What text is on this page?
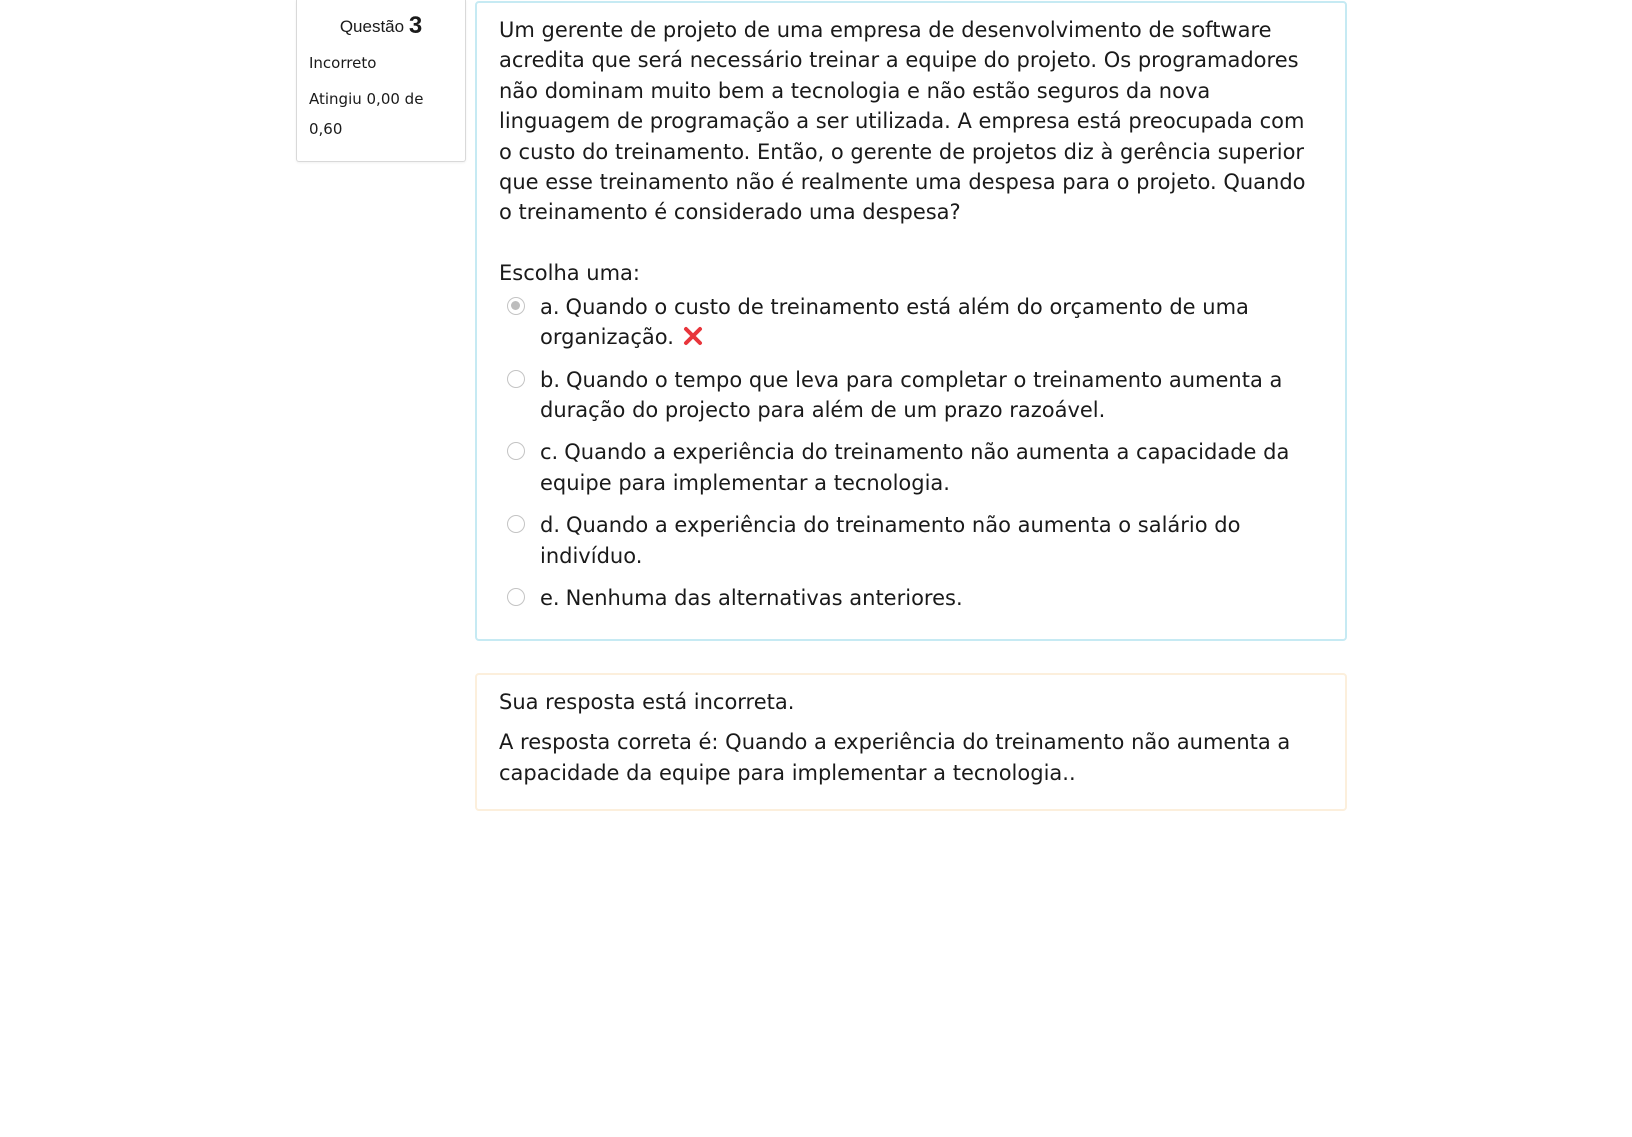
Questão 3
Incorreto
Atingiu 0,00 de 0,60

Um gerente de projeto de uma empresa de desenvolvimento de software acredita que será necessário treinar a equipe do projeto. Os programadores não dominam muito bem a tecnologia e não estão seguros da nova linguagem de programação a ser utilizada. A empresa está preocupada com o custo do treinamento. Então, o gerente de projetos diz à gerência superior que esse treinamento não é realmente uma despesa para o projeto. Quando o treinamento é considerado uma despesa?

Escolha uma:
a. Quando o custo de treinamento está além do orçamento de uma organização.
b. Quando o tempo que leva para completar o treinamento aumenta a duração do projecto para além de um prazo razoável.
c. Quando a experiência do treinamento não aumenta a capacidade da equipe para implementar a tecnologia.
d. Quando a experiência do treinamento não aumenta o salário do indivíduo.
e. Nenhuma das alternativas anteriores.
Sua resposta está incorreta.
A resposta correta é: Quando a experiência do treinamento não aumenta a capacidade da equipe para implementar a tecnologia..
